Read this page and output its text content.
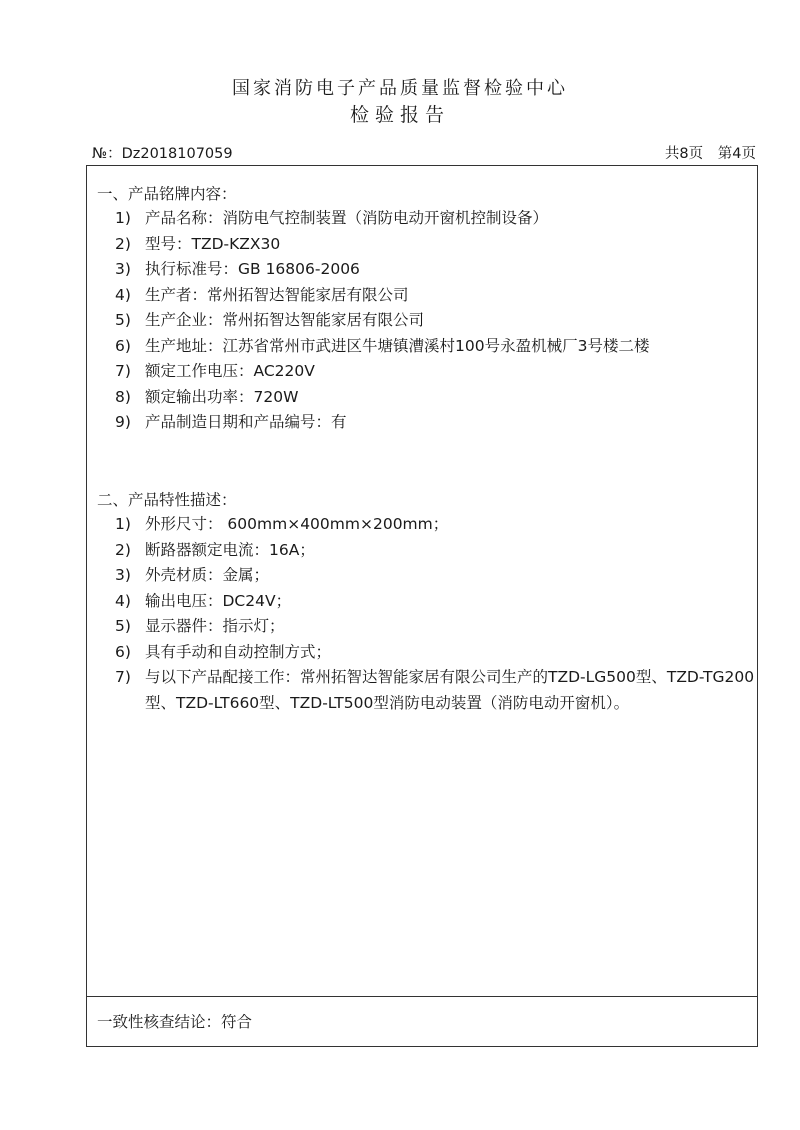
国家消防电子产品质量监督检验中心
检验报告
№：Dz2018107059	共8页 第4页
一、产品铭牌内容：
1) 产品名称：消防电气控制装置（消防电动开窗机控制设备）
2) 型号：TZD-KZX30
3) 执行标准号：GB 16806-2006
4) 生产者：常州拓智达智能家居有限公司
5) 生产企业：常州拓智达智能家居有限公司
6) 生产地址：江苏省常州市武进区牛塘镇漕溪村100号永盈机械厂3号楼二楼
7) 额定工作电压：AC220V
8) 额定输出功率：720W
9) 产品制造日期和产品编号：有
二、产品特性描述：
1) 外形尺寸： 600mm×400mm×200mm；
2) 断路器额定电流：16A；
3) 外壳材质：金属；
4) 输出电压：DC24V；
5) 显示器件：指示灯；
6) 具有手动和自动控制方式；
7) 与以下产品配接工作：常州拓智达智能家居有限公司生产的TZD-LG500型、TZD-TG200型、TZD-LT660型、TZD-LT500型消防电动装置（消防电动开窗机）。
一致性核查结论：符合
